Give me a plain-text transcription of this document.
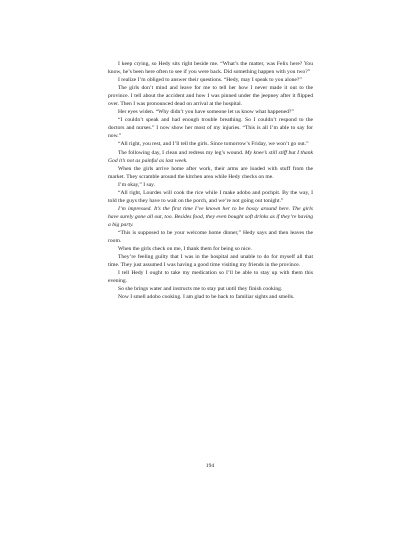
I keep crying, so Hedy sits right beside me. “What’s the matter, was Felix here? You know, he’s been here often to see if you were back. Did something happen with you two?”

I realize I’m obliged to answer their questions. “Hedy, may I speak to you alone?”

The girls don’t mind and leave for me to tell her how I never made it out to the province. I tell about the accident and how I was pinned under the jeepney after it flipped over. Then I was pronounced dead on arrival at the hospital.

Her eyes widen. “Why didn’t you have someone let us know what happened?”

“I couldn’t speak and had enough trouble breathing. So I couldn’t respond to the doctors and nurses.” I now show her most of my injuries. “This is all I’m able to say for now.”

“All right, you rest, and I’ll tell the girls. Since tomorrow’s Friday, we won’t go out.”

The following day, I clean and redress my leg’s wound. My knee’s still stiff but I thank God it’s not as painful as last week.

When the girls arrive home after work, their arms are loaded with stuff from the market. They scramble around the kitchen area while Hedy checks on me.

I’m okay,” I say.

“All right, Lourdes will cook the rice while I make adobo and pochpit. By the way, I told the guys they have to wait on the porch, and we’re not going out tonight.”

I’m impressed. It’s the first time I’ve known her to be bossy around here. The girls have surely gone all out, too. Besides food, they even bought soft drinks as if they’re having a big party.

“This is supposed to be your welcome home dinner,” Hedy says and then leaves the room.

When the girls check on me, I thank them for being so nice.

They’re feeling guilty that I was in the hospital and unable to do for myself all that time. They just assumed I was having a good time visiting my friends in the province.

I tell Hedy I ought to take my medication so I’ll be able to stay up with them this evening.

So she brings water and instructs me to stay put until they finish cooking.

Now I smell adobo cooking. I am glad to be back to familiar sights and smells.

194
